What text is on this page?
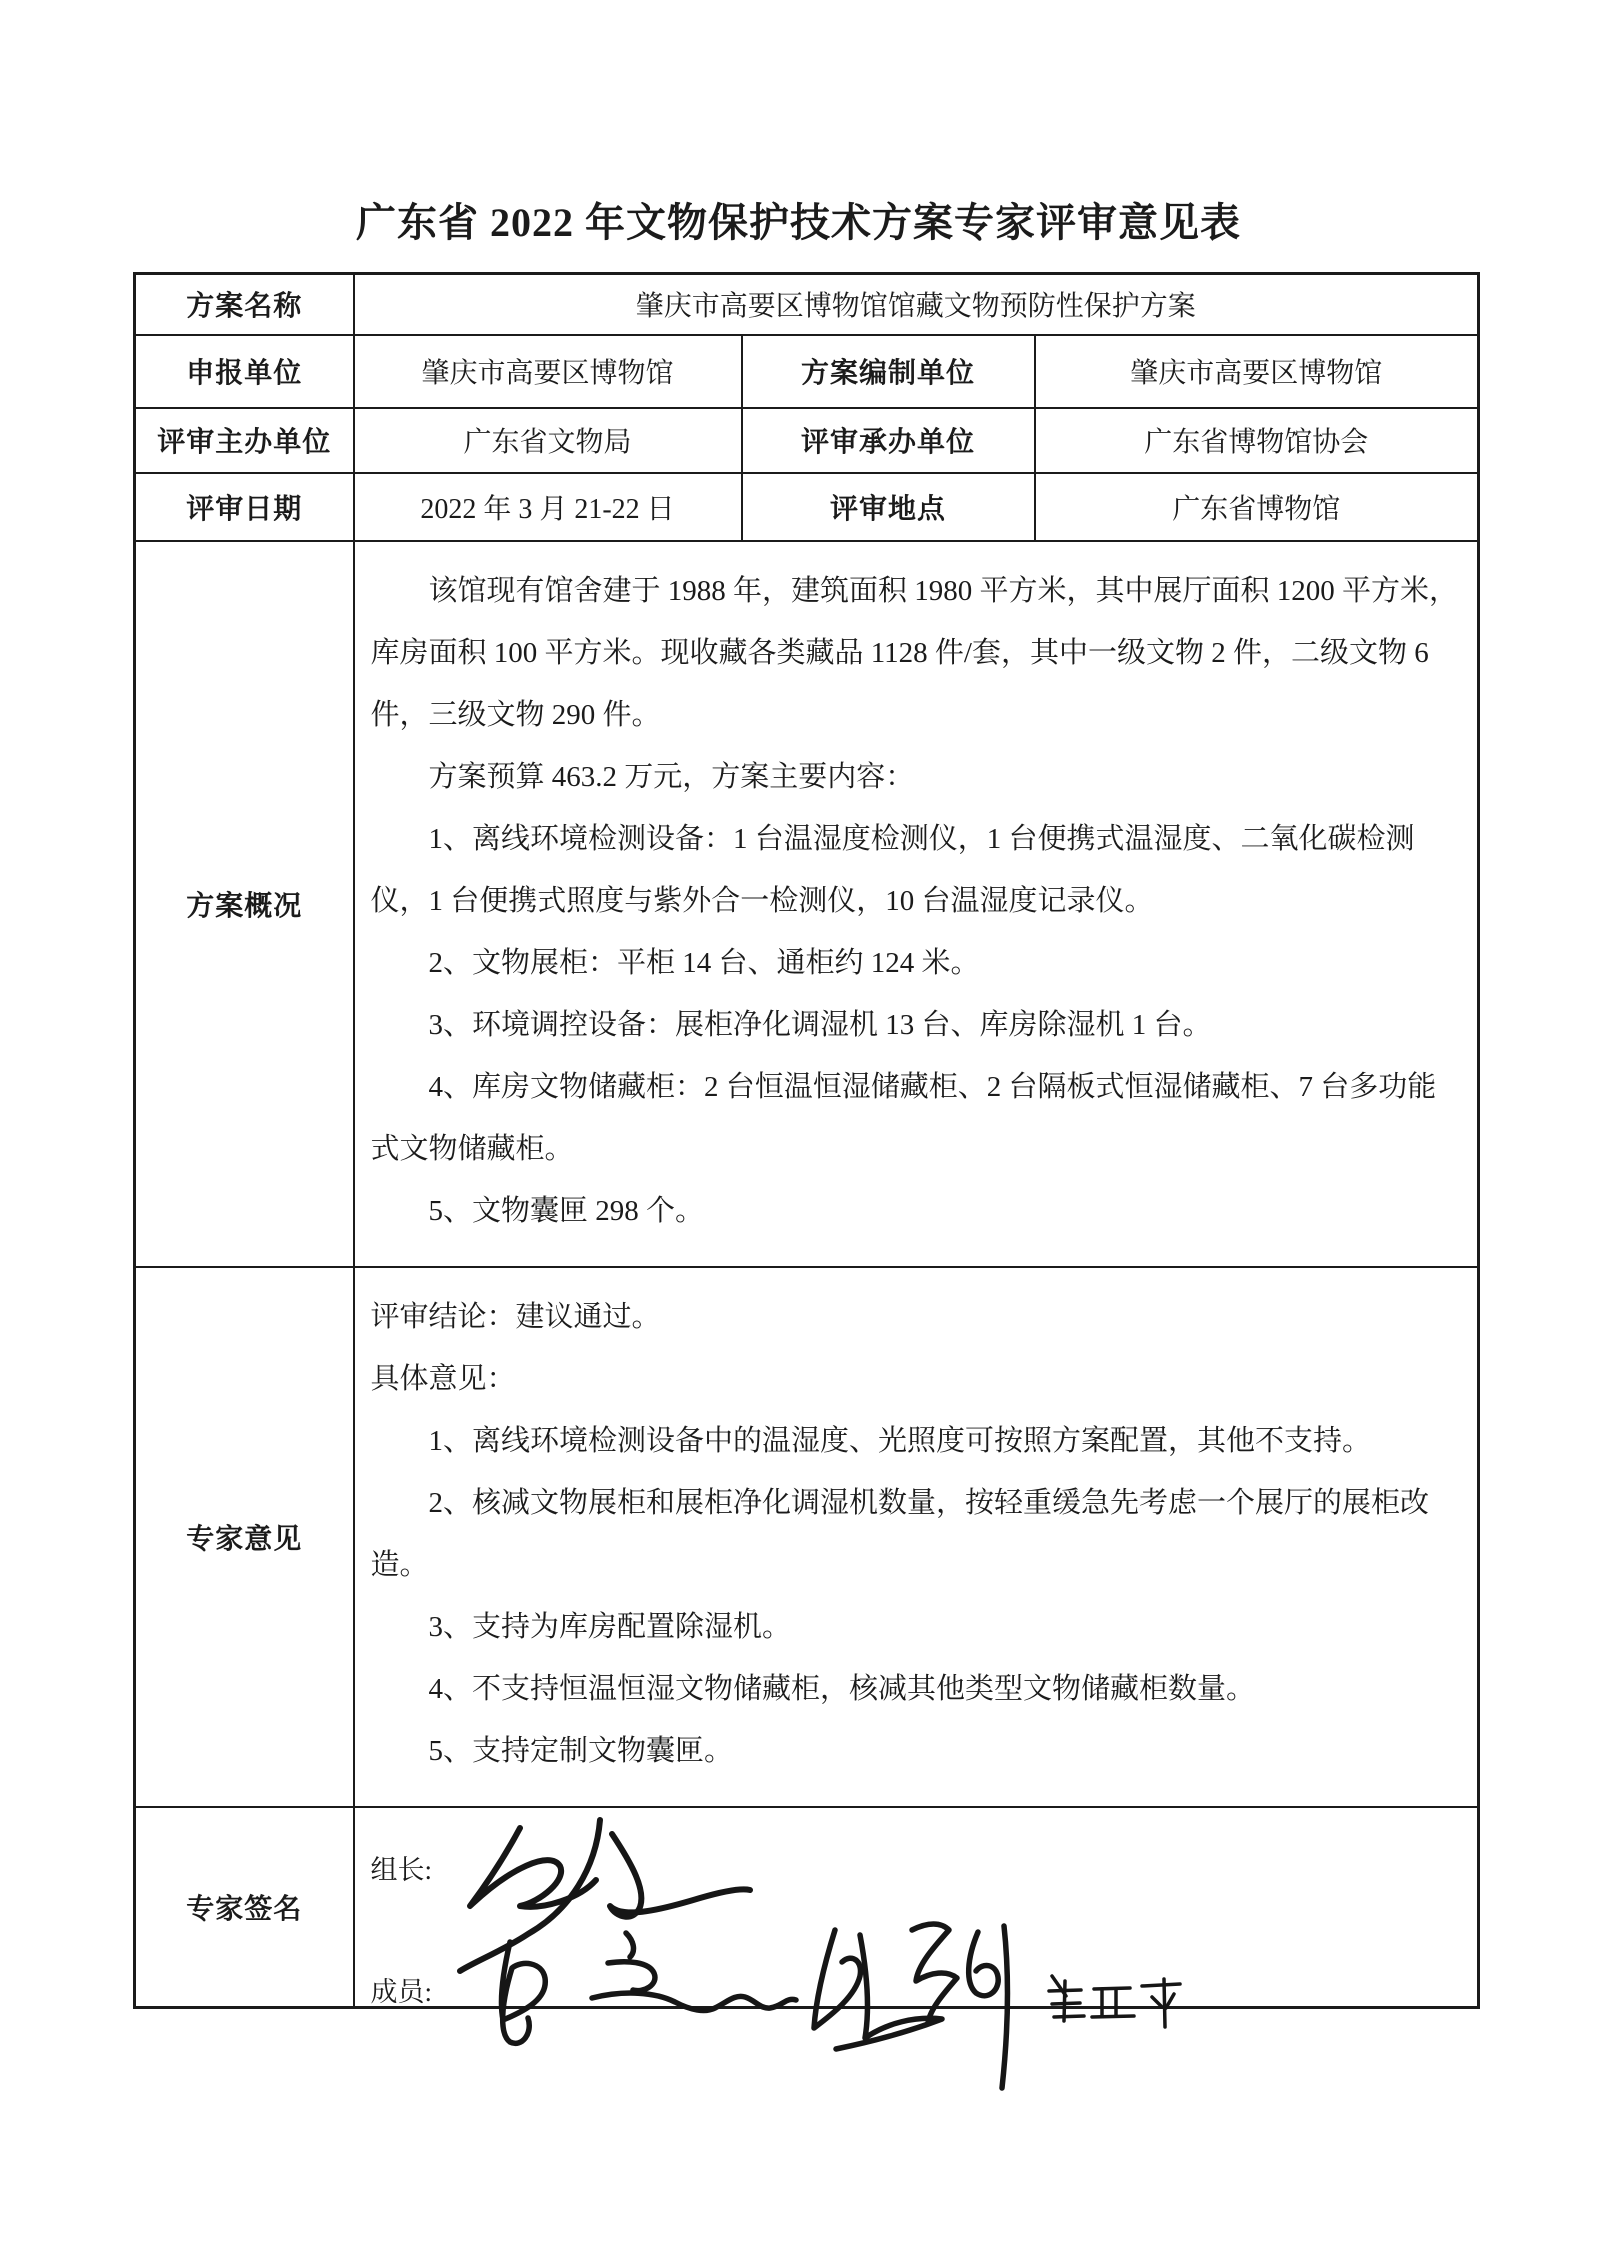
广东省 2022 年文物保护技术方案专家评审意见表
方案名称	肇庆市高要区博物馆馆藏文物预防性保护方案		
申报单位	肇庆市高要区博物馆	方案编制单位	肇庆市高要区博物馆
评审主办单位	广东省文物局	评审承办单位	广东省博物馆协会
评审日期	2022 年 3 月 21-22 日	评审地点	广东省博物馆
方案概况	

该馆现有馆舍建于 1988 年，建筑面积 1980 平方米，其中展厅面积 1200 平方米，库房面积 100 平方米。现收藏各类藏品 1128 件/套，其中一级文物 2 件，二级文物 6 件，三级文物 290 件。

方案预算 463.2 万元，方案主要内容：

1、离线环境检测设备：1 台温湿度检测仪，1 台便携式温湿度、二氧化碳检测仪，1 台便携式照度与紫外合一检测仪，10 台温湿度记录仪。

2、文物展柜：平柜 14 台、通柜约 124 米。

3、环境调控设备：展柜净化调湿机 13 台、库房除湿机 1 台。

4、库房文物储藏柜：2 台恒温恒湿储藏柜、2 台隔板式恒湿储藏柜、7 台多功能式文物储藏柜。

5、文物囊匣 298 个。

专家意见	

评审结论：建议通过。

具体意见：

1、离线环境检测设备中的温湿度、光照度可按照方案配置，其他不支持。

2、核减文物展柜和展柜净化调湿机数量，按轻重缓急先考虑一个展厅的展柜改造。

3、支持为库房配置除湿机。

4、不支持恒温恒湿文物储藏柜，核减其他类型文物储藏柜数量。

5、支持定制文物囊匣。

专家签名	组长:
成员:		
